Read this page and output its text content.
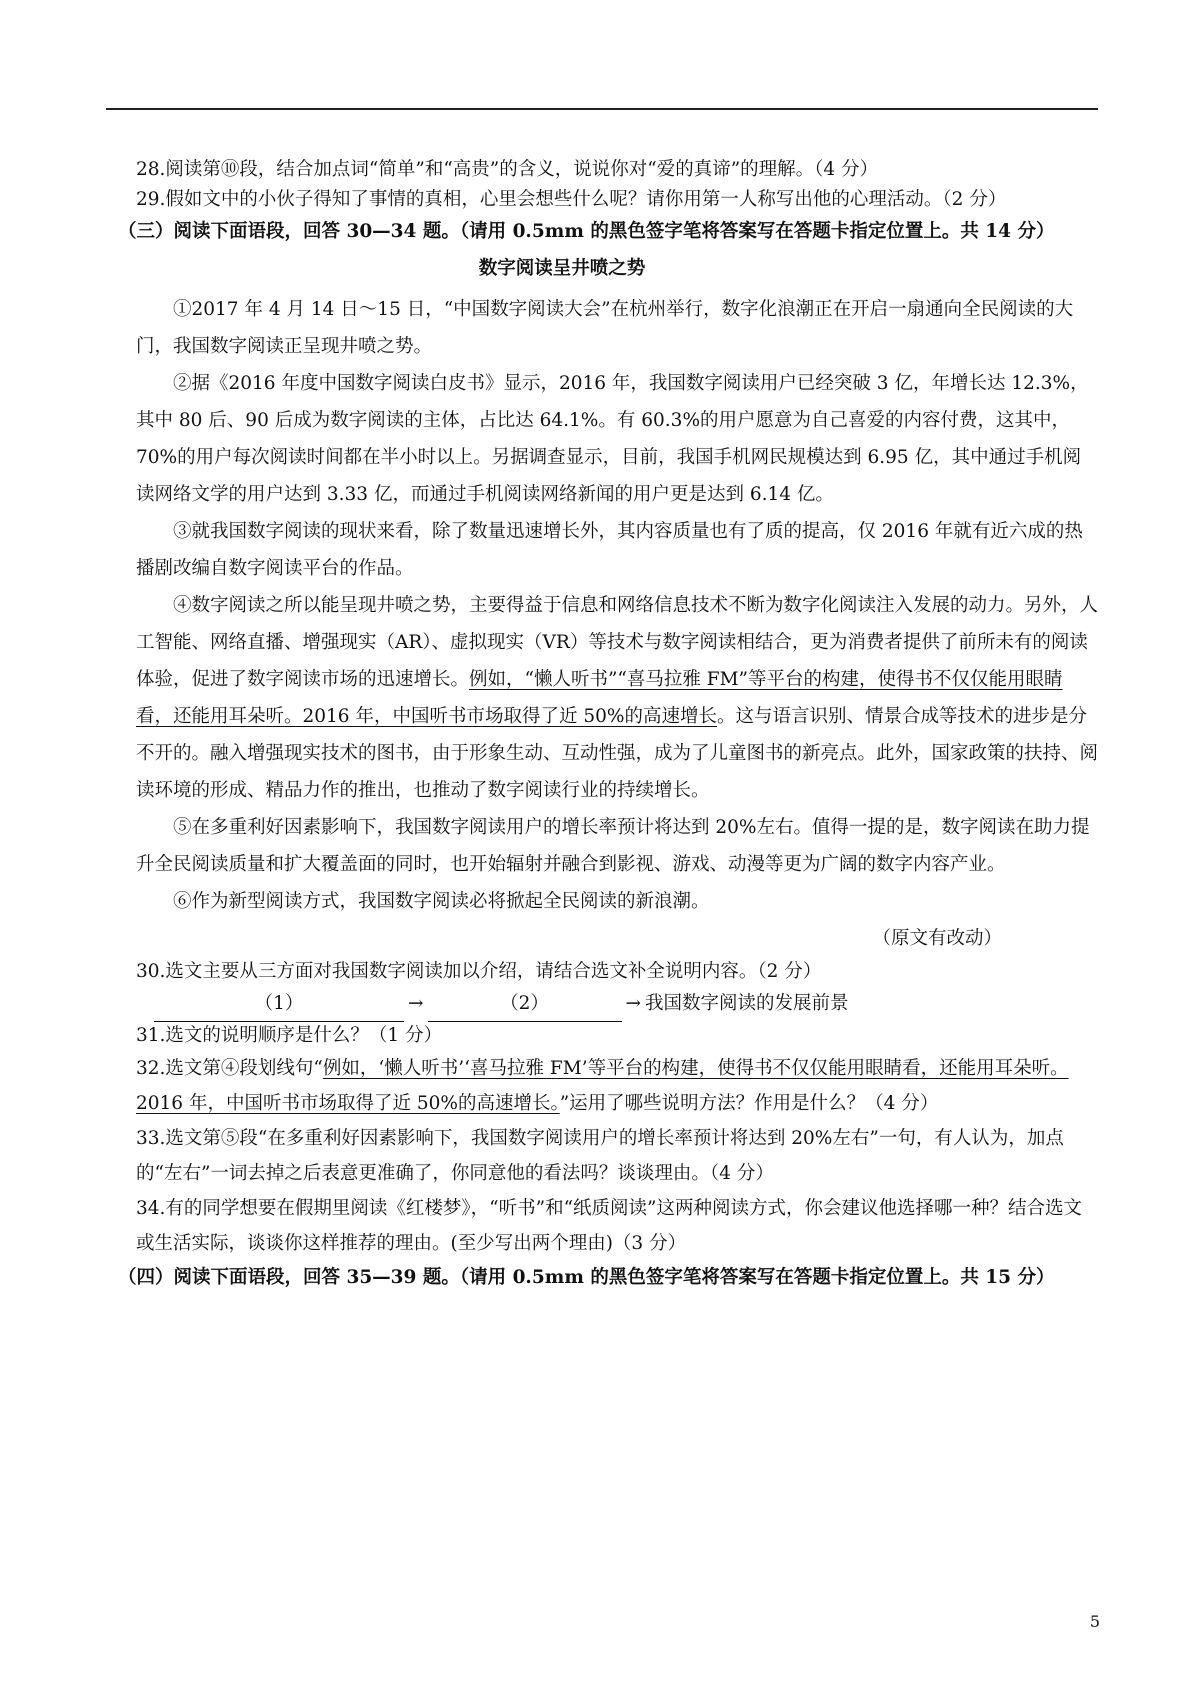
28.阅读第⑩段，结合加点词“简单”和“高贵”的含义，说说你对“爱的真谛”的理解。（4 分）
29.假如文中的小伙子得知了事情的真相，心里会想些什么呢？请你用第一人称写出他的心理活动。（2 分）
（三）阅读下面语段，回答 30—34 题。（请用 0.5mm 的黑色签字笔将答案写在答题卡指定位置上。共 14 分）
数字阅读呈井喷之势
①2017 年 4 月 14 日～15 日，“中国数字阅读大会”在杭州举行，数字化浪潮正在开启一扇通向全民阅读的大门，我国数字阅读正呈现井喷之势。
②据《2016 年度中国数字阅读白皮书》显示，2016 年，我国数字阅读用户已经突破 3 亿，年增长达 12.3%，其中 80 后、90 后成为数字阅读的主体，占比达 64.1%。有 60.3%的用户愿意为自己喜爱的内容付费，这其中，70%的用户每次阅读时间都在半小时以上。另据调查显示，目前，我国手机网民规模达到 6.95 亿，其中通过手机阅读网络文学的用户达到 3.33 亿，而通过手机阅读网络新闻的用户更是达到 6.14 亿。
③就我国数字阅读的现状来看，除了数量迅速增长外，其内容质量也有了质的提高，仅 2016 年就有近六成的热播剧改编自数字阅读平台的作品。
④数字阅读之所以能呈现井喷之势，主要得益于信息和网络信息技术不断为数字化阅读注入发展的动力。另外，人工智能、网络直播、增强现实（AR）、虚拟现实（VR）等技术与数字阅读相结合，更为消费者提供了前所未有的阅读体验，促进了数字阅读市场的迅速增长。例如，“懒人听书”“喜马拉雅 FM”等平台的构建，使得书不仅仅能用眼睛看，还能用耳朵听。2016 年，中国听书市场取得了近 50%的高速增长。这与语言识别、情景合成等技术的进步是分不开的。融入增强现实技术的图书，由于形象生动、互动性强，成为了儿童图书的新亮点。此外，国家政策的扶持、阅读环境的形成、精品力作的推出，也推动了数字阅读行业的持续增长。
⑤在多重利好因素影响下，我国数字阅读用户的增长率预计将达到 20%左右。值得一提的是，数字阅读在助力提升全民阅读质量和扩大覆盖面的同时，也开始辐射并融合到影视、游戏、动漫等更为广阔的数字内容产业。
⑥作为新型阅读方式，我国数字阅读必将掀起全民阅读的新浪潮。
（原文有改动）
30.选文主要从三方面对我国数字阅读加以介绍，请结合选文补全说明内容。（2 分）
（1）	→	（2）	→ 我国数字阅读的发展前景
31.选文的说明顺序是什么？（1 分）
32.选文第④段划线句“例如，‘懒人听书’‘喜马拉雅 FM’等平台的构建，使得书不仅仅能用眼睛看，还能用耳朵听。2016 年，中国听书市场取得了近 50%的高速增长。”运用了哪些说明方法？作用是什么？（4 分）
33.选文第⑤段“在多重利好因素影响下，我国数字阅读用户的增长率预计将达到 20%左右”一句，有人认为，加点的“左右”一词去掉之后表意更准确了，你同意他的看法吗？谈谈理由。（4 分）
34.有的同学想要在假期里阅读《红楼梦》，“听书”和“纸质阅读”这两种阅读方式，你会建议他选择哪一种？结合选文或生活实际，谈谈你这样推荐的理由。(至少写出两个理由)（3 分）
（四）阅读下面语段，回答 35—39 题。（请用 0.5mm 的黑色签字笔将答案写在答题卡指定位置上。共 15 分）
5
